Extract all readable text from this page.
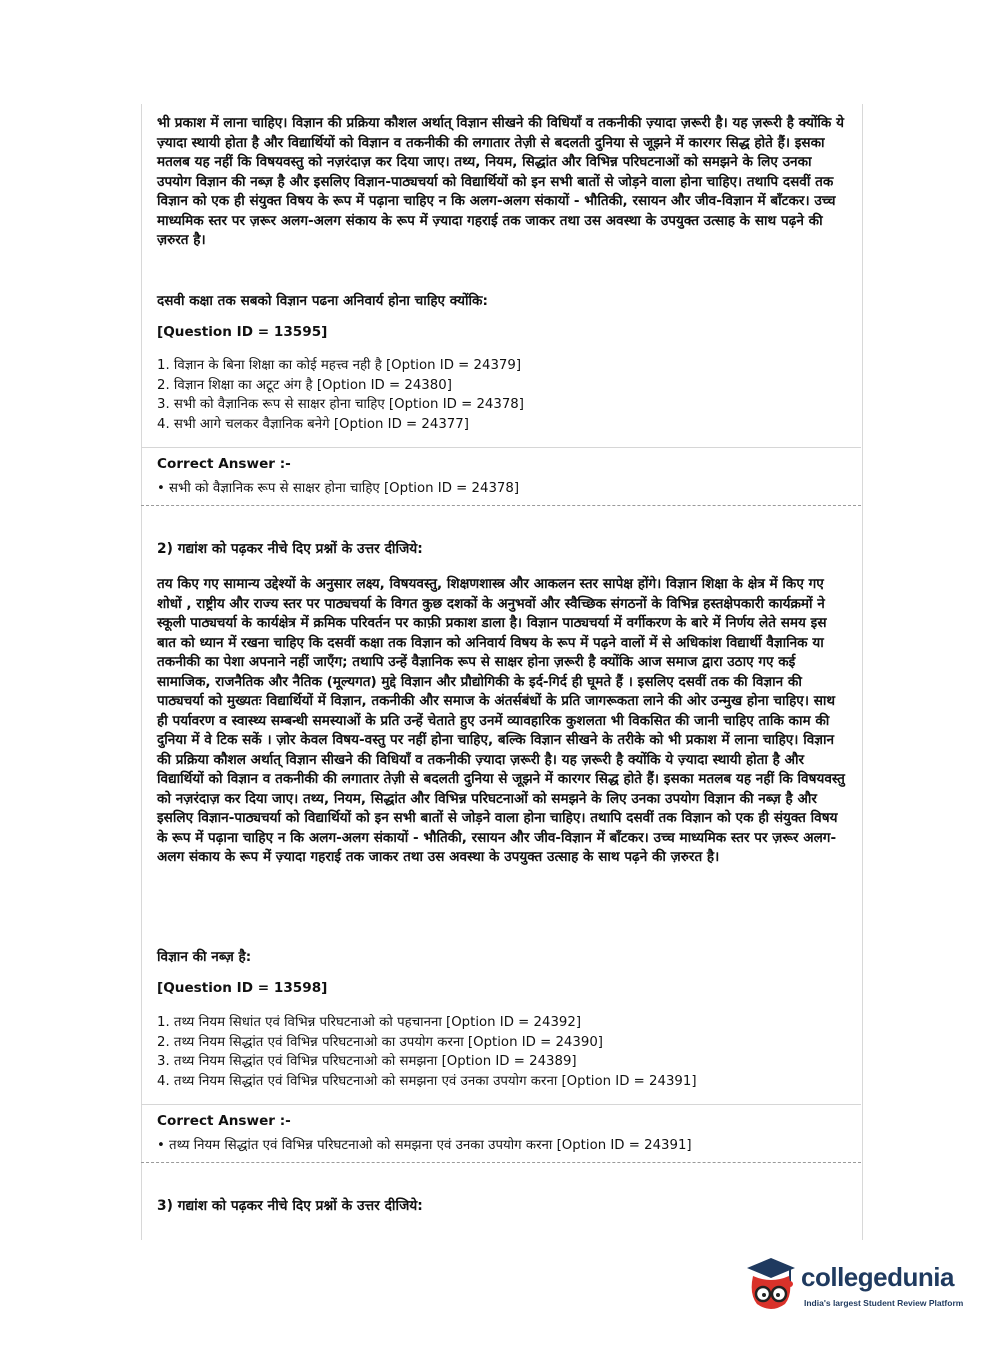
भी प्रकाश में लाना चाहिए। विज्ञान की प्रक्रिया कौशल अर्थात् विज्ञान सीखने की विधियाँ व तकनीकी ज़्यादा ज़रूरी है। यह ज़रूरी है क्योंकि ये ज़्यादा स्थायी होता है और विद्यार्थियों को विज्ञान व तकनीकी की लगातार तेज़ी से बदलती दुनिया से जूझने में कारगर सिद्ध होते हैं। इसका मतलब यह नहीं कि विषयवस्तु को नज़रंदाज़ कर दिया जाए। तथ्य, नियम, सिद्धांत और विभिन्न परिघटनाओं को समझने के लिए उनका उपयोग विज्ञान की नब्ज़ है और इसलिए विज्ञान-पाठ्यचर्या को विद्यार्थियों को इन सभी बातों से जोड़ने वाला होना चाहिए। तथापि दसवीं तक विज्ञान को एक ही संयुक्त विषय के रूप में पढ़ाना चाहिए न कि अलग-अलग संकायों - भौतिकी, रसायन और जीव-विज्ञान में बाँटकर। उच्च माध्यमिक स्तर पर ज़रूर अलग-अलग संकाय के रूप में ज़्यादा गहराई तक जाकर तथा उस अवस्था के उपयुक्त उत्साह के साथ पढ़ने की ज़रुरत है।

दसवी कक्षा तक सबको विज्ञान पढना अनिवार्य होना चाहिए क्योंकि:

[Question ID = 13595]

1. विज्ञान के बिना शिक्षा का कोई महत्त्व नही है [Option ID = 24379]
2. विज्ञान शिक्षा का अटूट अंग है [Option ID = 24380]
3. सभी को वैज्ञानिक रूप से साक्षर होना चाहिए [Option ID = 24378]
4. सभी आगे चलकर वैज्ञानिक बनेगे [Option ID = 24377]

Correct Answer :-

• सभी को वैज्ञानिक रूप से साक्षर होना चाहिए [Option ID = 24378]

2) गद्यांश को पढ़कर नीचे दिए प्रश्नों के उत्तर दीजिये:

तय किए गए सामान्य उद्देश्यों के अनुसार लक्ष्य, विषयवस्तु, शिक्षणशास्त्र और आकलन स्तर सापेक्ष होंगे। विज्ञान शिक्षा के क्षेत्र में किए गए शोधों , राष्ट्रीय और राज्य स्तर पर पाठ्यचर्या के विगत कुछ दशकों के अनुभवों और स्वैच्छिक संगठनों के विभिन्न हस्तक्षेपकारी कार्यक्रमों ने स्कूली पाठ्यचर्या के कार्यक्षेत्र में क्रमिक परिवर्तन पर काफ़ी प्रकाश डाला है। विज्ञान पाठ्यचर्या में वर्गीकरण के बारे में निर्णय लेते समय इस बात को ध्यान में रखना चाहिए कि दसवीं कक्षा तक विज्ञान को अनिवार्य विषय के रूप में पढ़ने वालों में से अधिकांश विद्यार्थी वैज्ञानिक या तकनीकी का पेशा अपनाने नहीं जाएँग; तथापि उन्हें वैज्ञानिक रूप से साक्षर होना ज़रूरी है क्योंकि आज समाज द्वारा उठाए गए कई सामाजिक, राजनैतिक और नैतिक (मूल्यगत) मुद्दे विज्ञान और प्रौद्योगिकी के इर्द-गिर्द ही घूमते हैं । इसलिए दसवीं तक की विज्ञान की पाठ्यचर्या को मुख्यतः विद्यार्थियों में विज्ञान, तकनीकी और समाज के अंतर्सबंधों के प्रति जागरूकता लाने की ओर उन्मुख होना चाहिए। साथ ही पर्यावरण व स्वास्थ्य सम्बन्धी समस्याओं के प्रति उन्हें चेताते हुए उनमें व्यावहारिक कुशलता भी विकसित की जानी चाहिए ताकि काम की दुनिया में वे टिक सकें । ज़ोर केवल विषय-वस्तु पर नहीं होना चाहिए, बल्कि विज्ञान सीखने के तरीके को भी प्रकाश में लाना चाहिए। विज्ञान की प्रक्रिया कौशल अर्थात् विज्ञान सीखने की विधियाँ व तकनीकी ज़्यादा ज़रूरी है। यह ज़रूरी है क्योंकि ये ज़्यादा स्थायी होता है और विद्यार्थियों को विज्ञान व तकनीकी की लगातार तेज़ी से बदलती दुनिया से जूझने में कारगर सिद्ध होते हैं। इसका मतलब यह नहीं कि विषयवस्तु को नज़रंदाज़ कर दिया जाए। तथ्य, नियम, सिद्धांत और विभिन्न परिघटनाओं को समझने के लिए उनका उपयोग विज्ञान की नब्ज़ है और इसलिए विज्ञान-पाठ्यचर्या को विद्यार्थियों को इन सभी बातों से जोड़ने वाला होना चाहिए। तथापि दसवीं तक विज्ञान को एक ही संयुक्त विषय के रूप में पढ़ाना चाहिए न कि अलग-अलग संकायों - भौतिकी, रसायन और जीव-विज्ञान में बाँटकर। उच्च माध्यमिक स्तर पर ज़रूर अलग-अलग संकाय के रूप में ज़्यादा गहराई तक जाकर तथा उस अवस्था के उपयुक्त उत्साह के साथ पढ़ने की ज़रुरत है।

विज्ञान की नब्ज़ है:

[Question ID = 13598]

1. तथ्य नियम सिधांत एवं विभिन्न परिघटनाओ को पहचानना [Option ID = 24392]
2. तथ्य नियम सिद्धांत एवं विभिन्न परिघटनाओ का उपयोग करना [Option ID = 24390]
3. तथ्य नियम सिद्धांत एवं विभिन्न परिघटनाओ को समझना [Option ID = 24389]
4. तथ्य नियम सिद्धांत एवं विभिन्न परिघटनाओ को समझना एवं उनका उपयोग करना [Option ID = 24391]

Correct Answer :-

• तथ्य नियम सिद्धांत एवं विभिन्न परिघटनाओ को समझना एवं उनका उपयोग करना [Option ID = 24391]

3) गद्यांश को पढ़कर नीचे दिए प्रश्नों के उत्तर दीजिये:

collegedunia
India's largest Student Review Platform
